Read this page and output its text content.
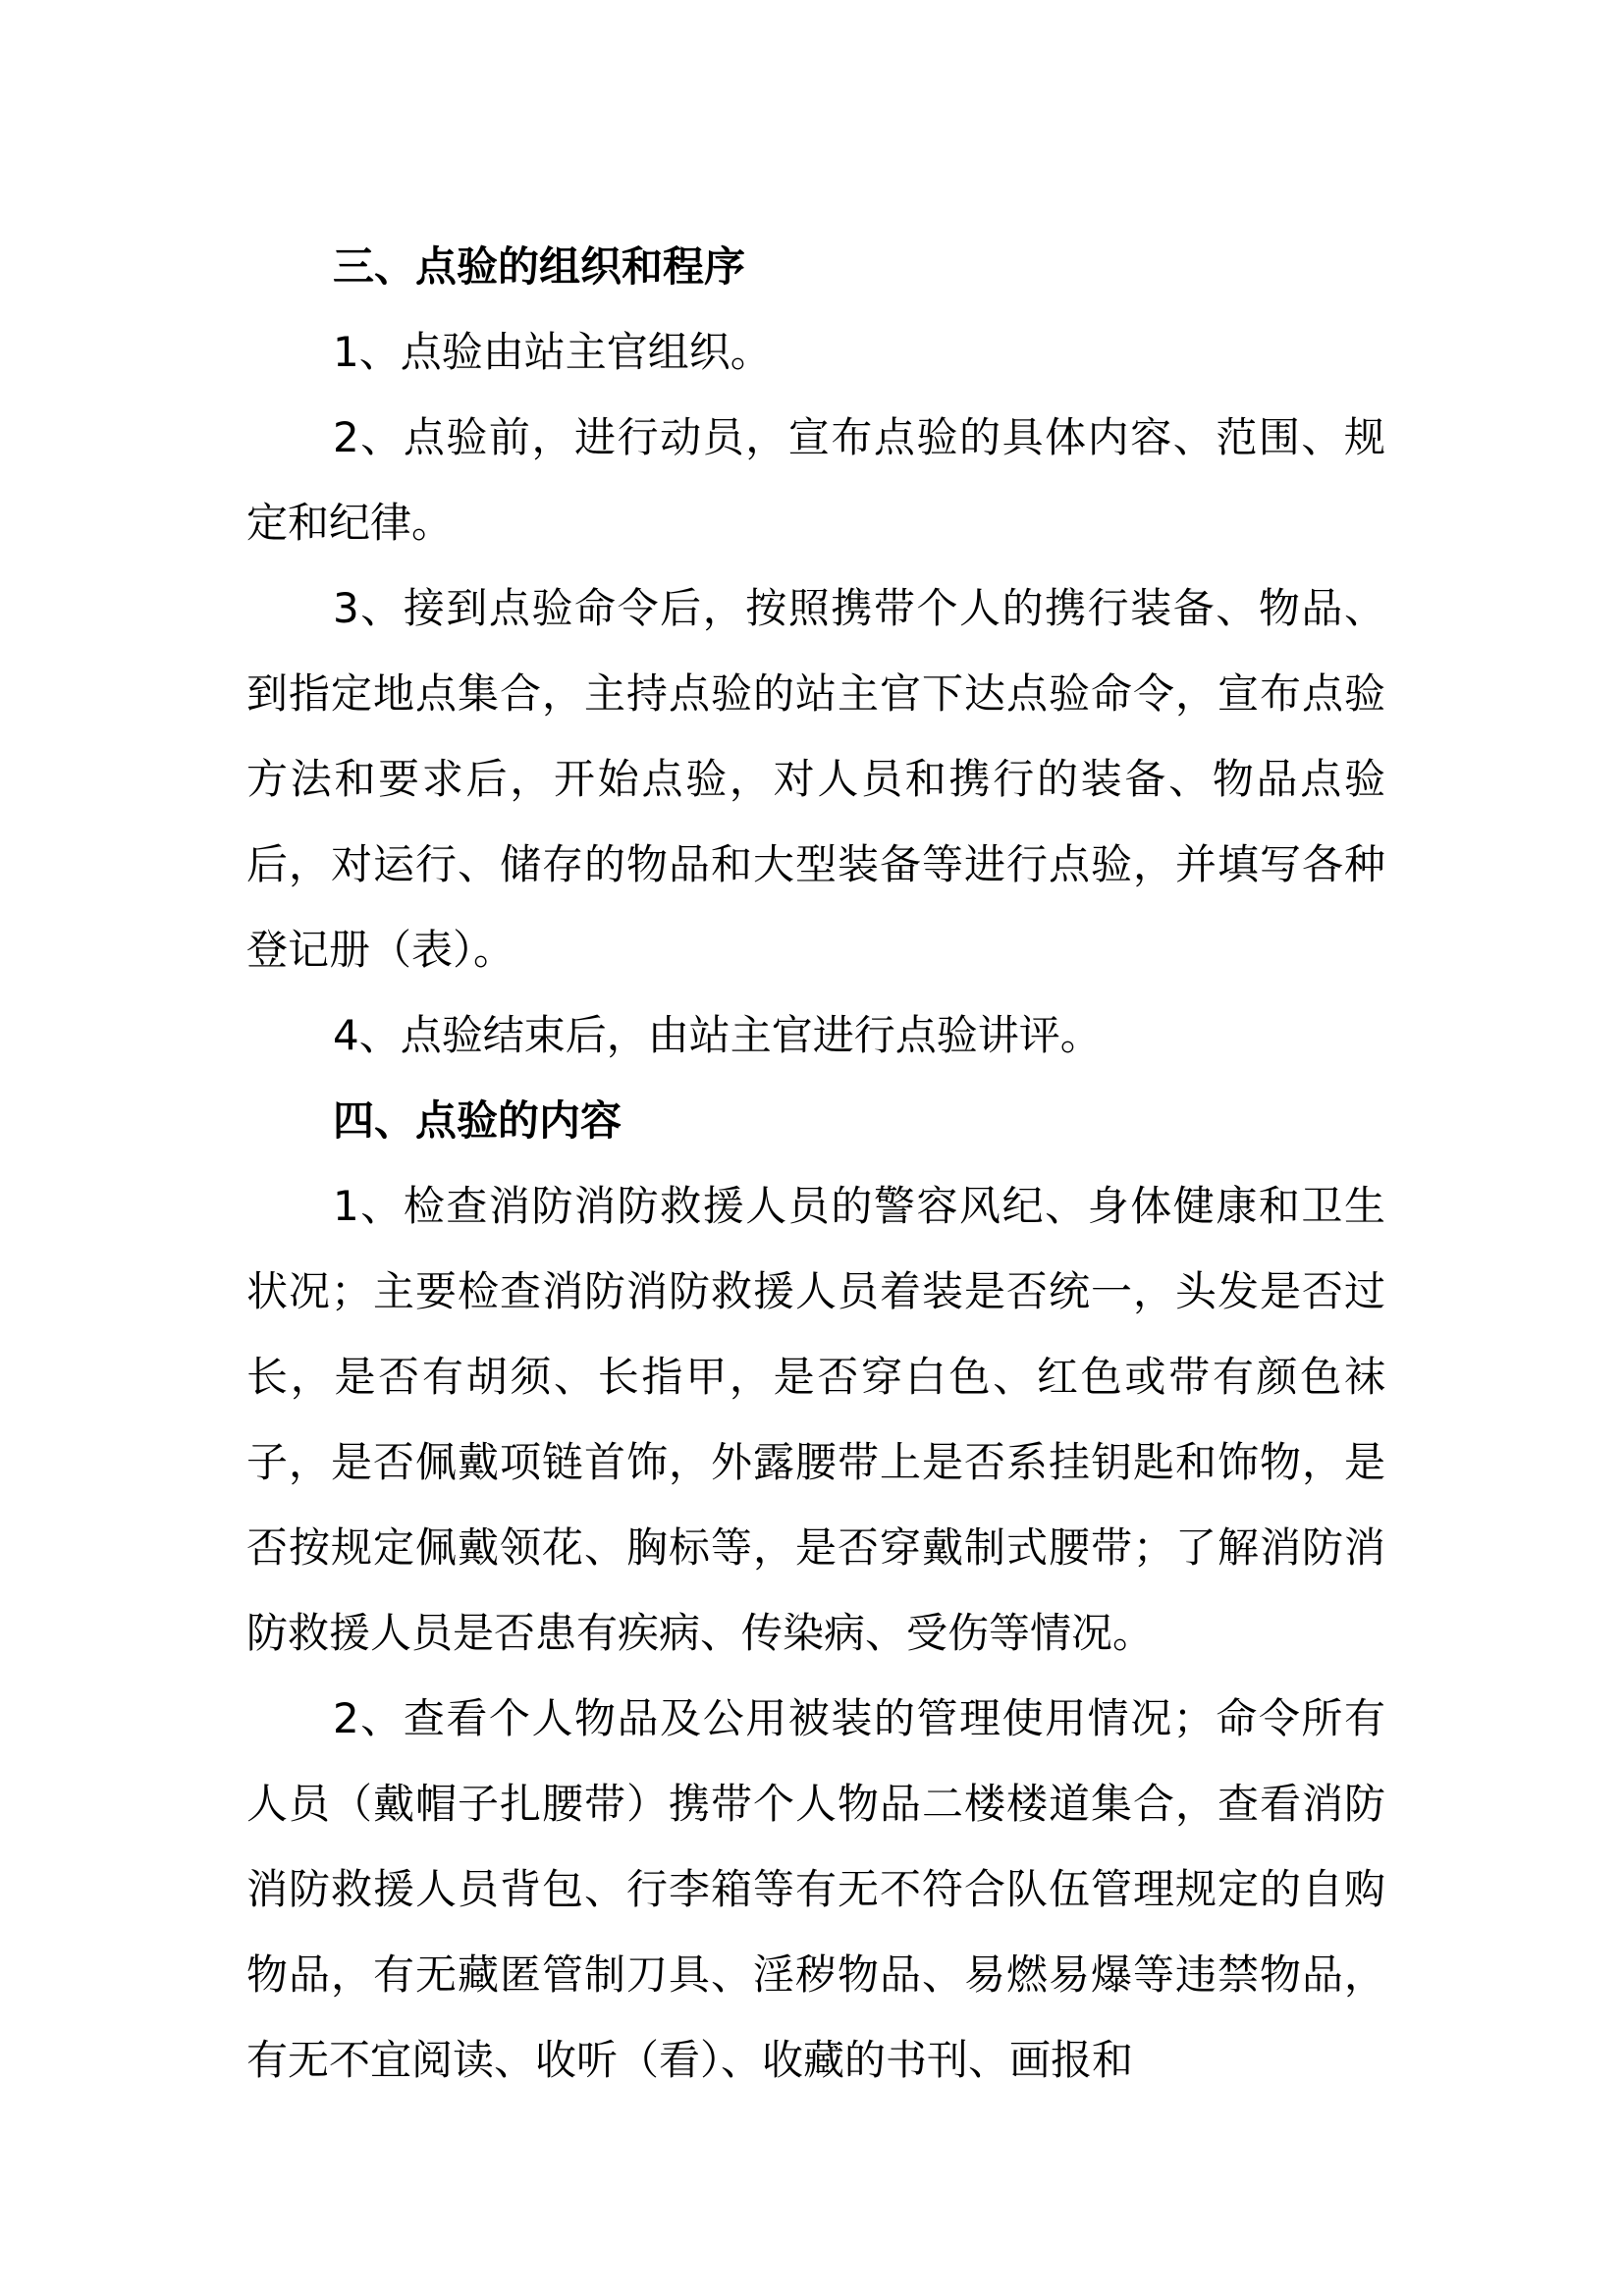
三、点验的组织和程序

1、点验由站主官组织。

2、点验前，进行动员，宣布点验的具体内容、范围、规定和纪律。

3、接到点验命令后，按照携带个人的携行装备、物品、到指定地点集合，主持点验的站主官下达点验命令，宣布点验方法和要求后，开始点验，对人员和携行的装备、物品点验后，对运行、储存的物品和大型装备等进行点验，并填写各种登记册（表）。

4、点验结束后，由站主官进行点验讲评。

四、点验的内容

1、检查消防消防救援人员的警容风纪、身体健康和卫生状况；主要检查消防消防救援人员着装是否统一，头发是否过长，是否有胡须、长指甲，是否穿白色、红色或带有颜色袜子，是否佩戴项链首饰，外露腰带上是否系挂钥匙和饰物，是否按规定佩戴领花、胸标等，是否穿戴制式腰带；了解消防消防救援人员是否患有疾病、传染病、受伤等情况。

2、查看个人物品及公用被装的管理使用情况；命令所有人员（戴帽子扎腰带）携带个人物品二楼楼道集合，查看消防消防救援人员背包、行李箱等有无不符合队伍管理规定的自购物品，有无藏匿管制刀具、淫秽物品、易燃易爆等违禁物品，有无不宜阅读、收听（看）、收藏的书刊、画报和
